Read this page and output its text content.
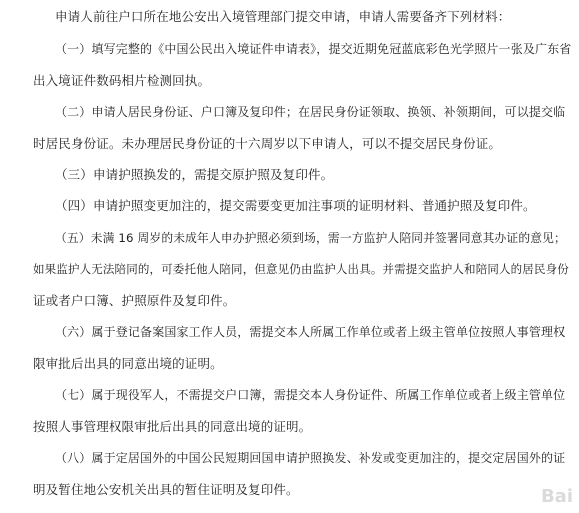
申请人前往户口所在地公安出入境管理部门提交申请，申请人需要备齐下列材料：
（一）填写完整的《中国公民出入境证件申请表》，提交近期免冠蓝底彩色光学照片一张及广东省
出入境证件数码相片检测回执。
（二）申请人居民身份证、户口簿及复印件；在居民身份证领取、换领、补领期间，可以提交临
时居民身份证。未办理居民身份证的十六周岁以下申请人，可以不提交居民身份证。
（三）申请护照换发的，需提交原护照及复印件。
（四）申请护照变更加注的，提交需要变更加注事项的证明材料、普通护照及复印件。
（五）未满 16 周岁的未成年人申办护照必须到场，需一方监护人陪同并签署同意其办证的意见；
如果监护人无法陪同的，可委托他人陪同，但意见仍由监护人出具。并需提交监护人和陪同人的居民身份
证或者户口簿、护照原件及复印件。
（六）属于登记备案国家工作人员，需提交本人所属工作单位或者上级主管单位按照人事管理权
限审批后出具的同意出境的证明。
（七）属于现役军人，不需提交户口簿，需提交本人身份证件、所属工作单位或者上级主管单位
按照人事管理权限审批后出具的同意出境的证明。
（八）属于定居国外的中国公民短期回国申请护照换发、补发或变更加注的，提交定居国外的证
明及暂住地公安机关出具的暂住证明及复印件。	Bai
